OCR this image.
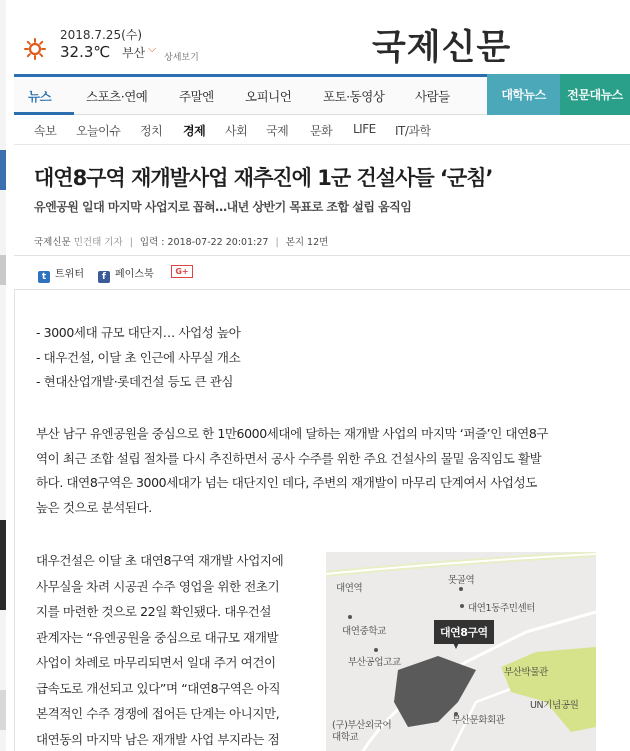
2018.7.25(수)
32.3℃ 부산 ⌵
상세보기	국제신문
뉴스	스포츠·연예	주말엔	오피니언	포토·동영상 사람들	대학뉴스	전문대뉴스
속보 오늘이슈 정치 경제 사회 국제 문화 LIFE IT/과학
대연8구역 재개발사업 재추진에 1군 건설사들 ‘군침’
유엔공원 일대 마지막 사업지로 꼽혀…내년 상반기 목표로 조합 설립 움직임
국제신문 민건태 기자 | 입력 : 2018-07-22 20:01:27 | 본지 12면
t 트위터	f 페이스북	G+
- 3000세대 규모 대단지… 사업성 높아
- 대우건설, 이달 초 인근에 사무실 개소
- 현대산업개발·롯데건설 등도 큰 관심
부산 남구 유엔공원을 중심으로 한 1만6000세대에 달하는 재개발 사업의 마지막 ‘퍼즐’인 대연8구
역이 최근 조합 설립 절차를 다시 추진하면서 공사 수주를 위한 주요 건설사의 물밑 움직임도 활발
하다. 대연8구역은 3000세대가 넘는 대단지인 데다, 주변의 재개발이 마무리 단계여서 사업성도
높은 것으로 분석된다.
대우건설은 이달 초 대연8구역 재개발 사업지에
사무실을 차려 시공권 수주 영업을 위한 전초기
지를 마련한 것으로 22일 확인됐다. 대우건설
관계자는 “유엔공원을 중심으로 대규모 재개발
사업이 차례로 마무리되면서 일대 주거 여건이
급속도로 개선되고 있다”며 “대연8구역은 아직
본격적인 수주 경쟁에 접어든 단계는 아니지만,
대연동의 마지막 남은 재개발 사업 부지라는 점
못골역
대연역
대연1동주민센터
대연중학교	대연8구역
부산공업고교
부산박물관
UN기념공원
부산문화회관
(구)부산외국어 대학교
